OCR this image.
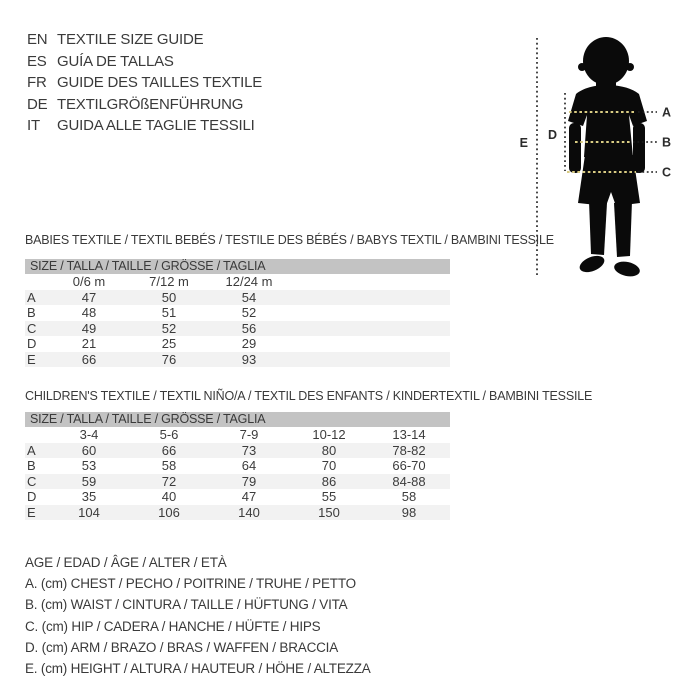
EN TEXTILE SIZE GUIDE
ES GUÍA DE TALLAS
FR GUIDE DES TAILLES TEXTILE
DE TEXTILGRÖßENFÜHRUNG
IT	GUIDA ALLE TAGLIE TESSILI
A
B
C
D
E
BABIES TEXTILE / TEXTIL BEBÉS / TESTILE DES BÉBÉS / BABYS TEXTIL / BAMBINI TESSILE
SIZE / TALLA / TAILLE / GRÖSSE / TAGLIA
	0/6 m	7/12 m	12/24 m	
A	47	50	54	
B	48	51	52	
C	49	52	56	
D	21	25	29	
E	66	76	93	
CHILDREN'S TEXTILE / TEXTIL NIÑO/A / TEXTIL DES ENFANTS / KINDERTEXTIL / BAMBINI TESSILE
SIZE / TALLA / TAILLE / GRÖSSE / TAGLIA
	3-4	5-6	7-9	10-12	13-14	
A	60	66	73	80	78-82	
B	53	58	64	70	66-70	
C	59	72	79	86	84-88	
D	35	40	47	55	58	
E	104	106	140	150	98	
AGE / EDAD / ÂGE / ALTER / ETÀ
A. (cm) CHEST / PECHO / POITRINE / TRUHE / PETTO
B. (cm) WAIST / CINTURA / TAILLE / HÜFTUNG / VITA
C. (cm) HIP / CADERA / HANCHE / HÜFTE / HIPS
D. (cm) ARM / BRAZO / BRAS / WAFFEN / BRACCIA
E. (cm) HEIGHT / ALTURA / HAUTEUR / HÖHE / ALTEZZA
